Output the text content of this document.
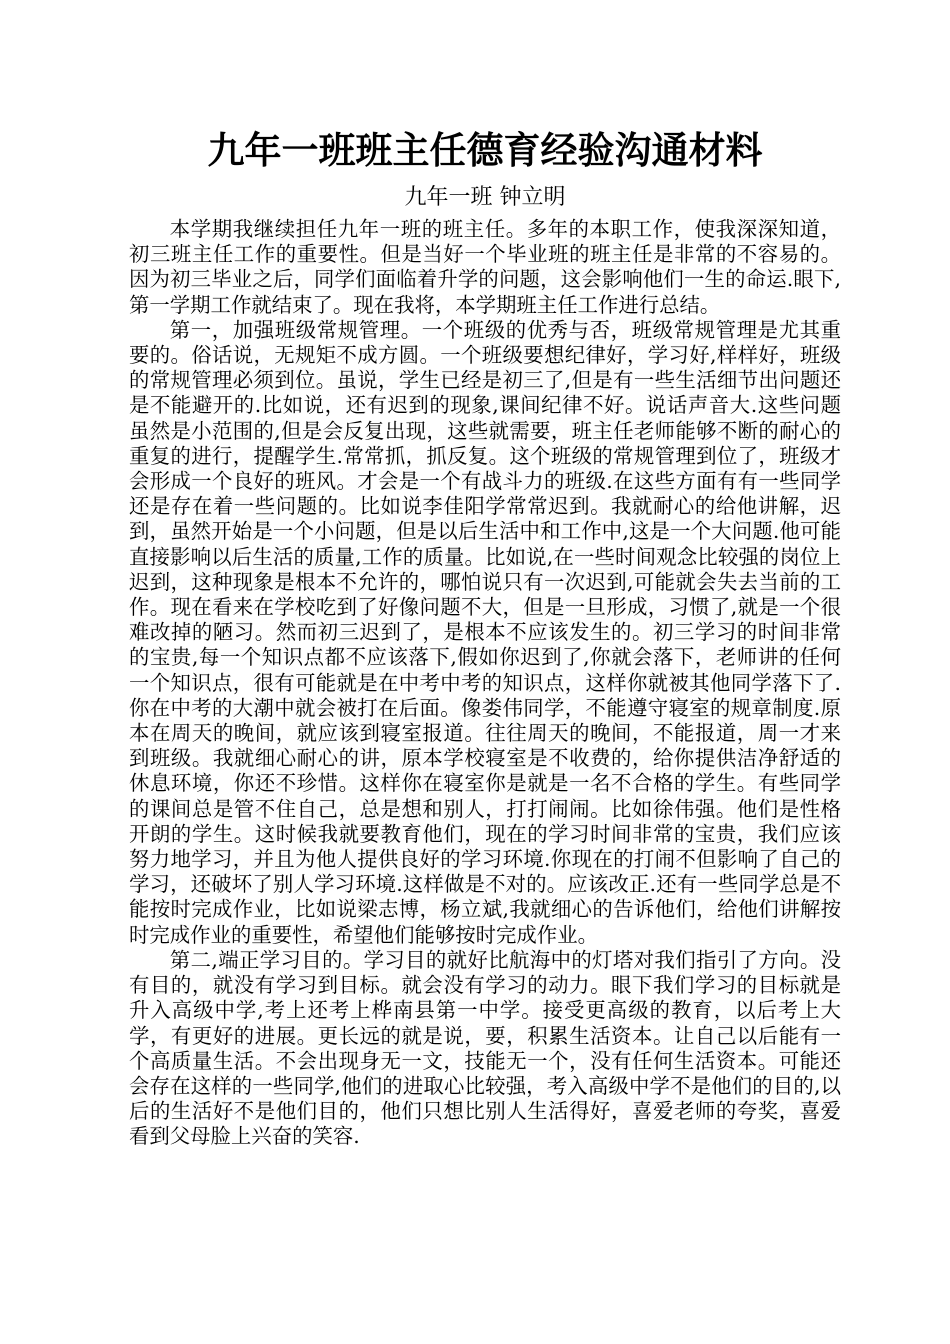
九年一班班主任德育经验沟通材料

九年一班 钟立明

本学期我继续担任九年一班的班主任。多年的本职工作，使我深深知道，初三班主任工作的重要性。但是当好一个毕业班的班主任是非常的不容易的。因为初三毕业之后，同学们面临着升学的问题，这会影响他们一生的命运.眼下,第一学期工作就结束了。现在我将，本学期班主任工作进行总结。

第一，加强班级常规管理。一个班级的优秀与否，班级常规管理是尤其重要的。俗话说，无规矩不成方圆。一个班级要想纪律好，学习好,样样好，班级的常规管理必须到位。虽说，学生已经是初三了,但是有一些生活细节出问题还是不能避开的.比如说，还有迟到的现象,课间纪律不好。说话声音大.这些问题虽然是小范围的,但是会反复出现，这些就需要，班主任老师能够不断的耐心的重复的进行，提醒学生.常常抓，抓反复。这个班级的常规管理到位了，班级才会形成一个良好的班风。才会是一个有战斗力的班级.在这些方面有有一些同学还是存在着一些问题的。比如说李佳阳学常常迟到。我就耐心的给他讲解，迟到，虽然开始是一个小问题，但是以后生活中和工作中,这是一个大问题.他可能直接影响以后生活的质量,工作的质量。比如说,在一些时间观念比较强的岗位上迟到，这种现象是根本不允许的，哪怕说只有一次迟到,可能就会失去当前的工作。现在看来在学校吃到了好像问题不大，但是一旦形成，习惯了,就是一个很难改掉的陋习。然而初三迟到了，是根本不应该发生的。初三学习的时间非常的宝贵,每一个知识点都不应该落下,假如你迟到了,你就会落下，老师讲的任何一个知识点，很有可能就是在中考中考的知识点，这样你就被其他同学落下了.你在中考的大潮中就会被打在后面。像娄伟同学，不能遵守寝室的规章制度.原本在周天的晚间，就应该到寝室报道。往往周天的晚间，不能报道，周一才来到班级。我就细心耐心的讲，原本学校寝室是不收费的，给你提供洁净舒适的休息环境，你还不珍惜。这样你在寝室你是就是一名不合格的学生。有些同学的课间总是管不住自己，总是想和别人，打打闹闹。比如徐伟强。他们是性格开朗的学生。这时候我就要教育他们，现在的学习时间非常的宝贵，我们应该努力地学习，并且为他人提供良好的学习环境.你现在的打闹不但影响了自己的学习，还破坏了别人学习环境.这样做是不对的。应该改正.还有一些同学总是不能按时完成作业，比如说梁志博，杨立斌,我就细心的告诉他们，给他们讲解按时完成作业的重要性，希望他们能够按时完成作业。

第二,端正学习目的。学习目的就好比航海中的灯塔对我们指引了方向。没有目的，就没有学习到目标。就会没有学习的动力。眼下我们学习的目标就是升入高级中学,考上还考上桦南县第一中学。接受更高级的教育，以后考上大学，有更好的进展。更长远的就是说，要，积累生活资本。让自己以后能有一个高质量生活。不会出现身无一文，技能无一个，没有任何生活资本。可能还会存在这样的一些同学,他们的进取心比较强，考入高级中学不是他们的目的,以后的生活好不是他们目的，他们只想比别人生活得好，喜爱老师的夸奖，喜爱看到父母脸上兴奋的笑容.
